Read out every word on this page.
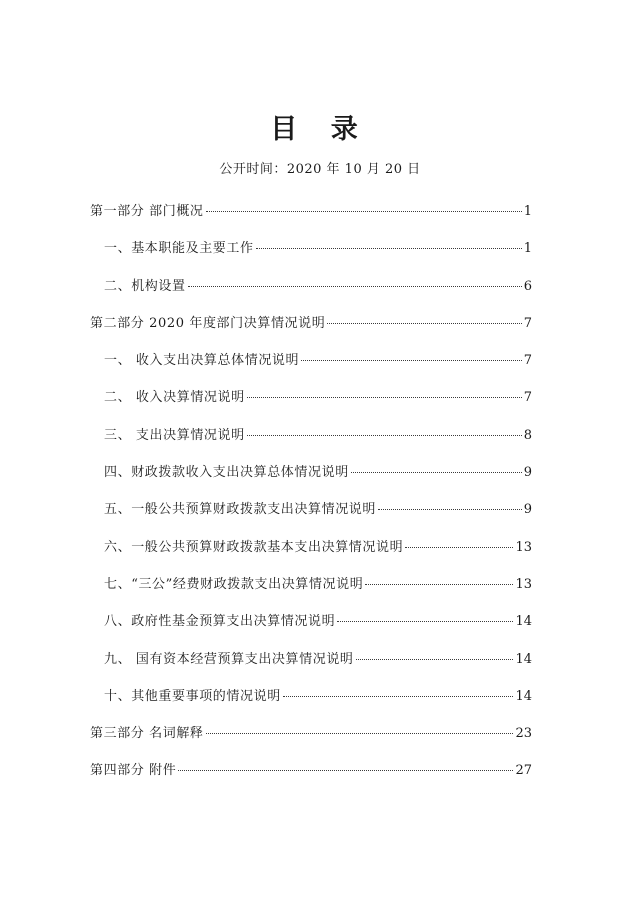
目 录
公开时间：2020 年 10 月 20 日
第一部分 部门概况	1
一、基本职能及主要工作	1
二、机构设置	6
第二部分 2020 年度部门决算情况说明	7
一、 收入支出决算总体情况说明	7
二、 收入决算情况说明	7
三、 支出决算情况说明	8
四、财政拨款收入支出决算总体情况说明	9
五、一般公共预算财政拨款支出决算情况说明	9
六、一般公共预算财政拨款基本支出决算情况说明	13
七、“三公”经费财政拨款支出决算情况说明	13
八、政府性基金预算支出决算情况说明	14
九、 国有资本经营预算支出决算情况说明	14
十、其他重要事项的情况说明	14
第三部分 名词解释	23
第四部分 附件	27
